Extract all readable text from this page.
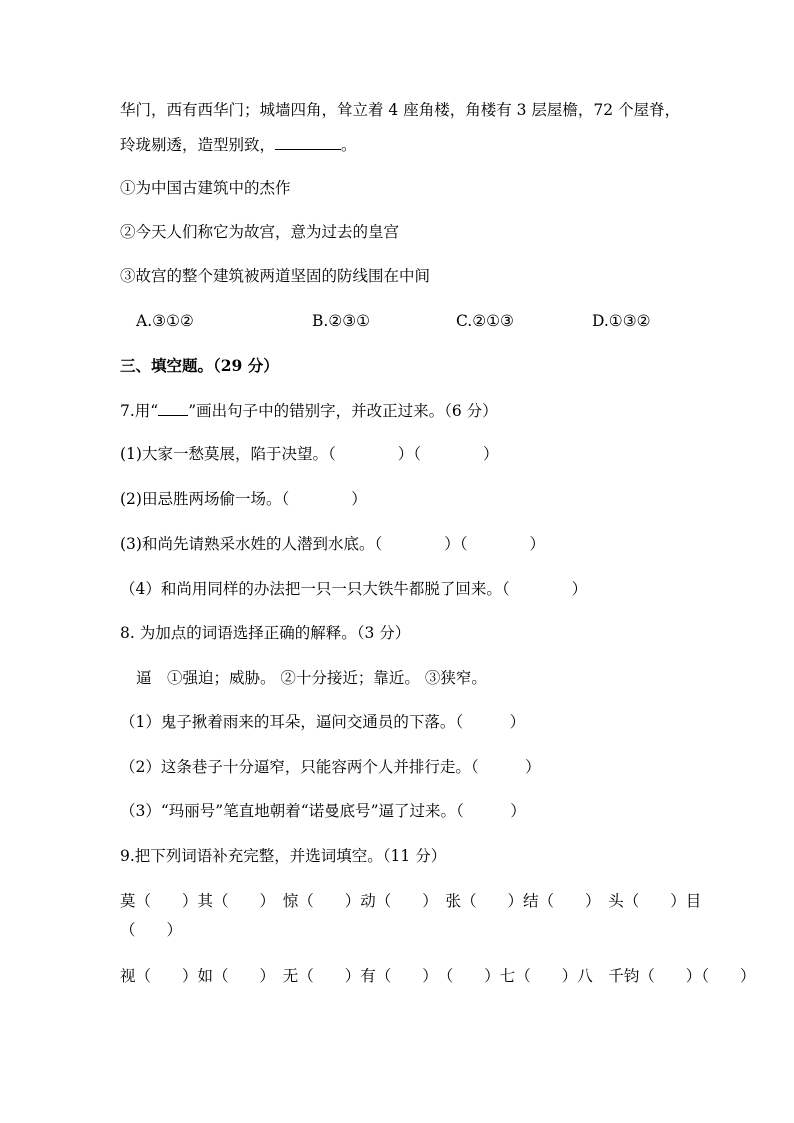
华门，西有西华门；城墙四角，耸立着 4 座角楼，角楼有 3 层屋檐，72 个屋脊，
玲珑剔透，造型别致，	。
①为中国古建筑中的杰作
②今天人们称它为故宫，意为过去的皇宫
③故宫的整个建筑被两道坚固的防线围在中间
A.③①②	B.②③①	C.②①③	D.①③②
三、填空题。（29 分）
7.用“ ”画出句子中的错别字，并改正过来。（6 分）
(1)大家一愁莫展，陷于决望。（　　　　）（　　　　）
(2)田忌胜两场偷一场。（　　　　）
(3)和尚先请熟采水姓的人潜到水底。（　　　　）（　　　　）
（4）和尚用同样的办法把一只一只大铁牛都脱了回来。（　　　　）
8. 为加点的词语选择正确的解释。（3 分）
逼　①强迫；威胁。 ②十分接近；靠近。 ③狭窄。
（1）鬼子揪着雨来的耳朵，逼问交通员的下落。（　　　）
（2）这条巷子十分逼窄，只能容两个人并排行走。（　　　）
（3）“玛丽号”笔直地朝着“诺曼底号”逼了过来。（　　　）
9.把下列词语补充完整，并选词填空。（11 分）
莫（　　）其（　　）　惊（　　）动（　　）　张（　　）结（　　）　头（　　）目
（　　）
视（　　）如（　　）　无（　　）有（　　）　（　　）七（　　）八　千钧（　　）（　　）
